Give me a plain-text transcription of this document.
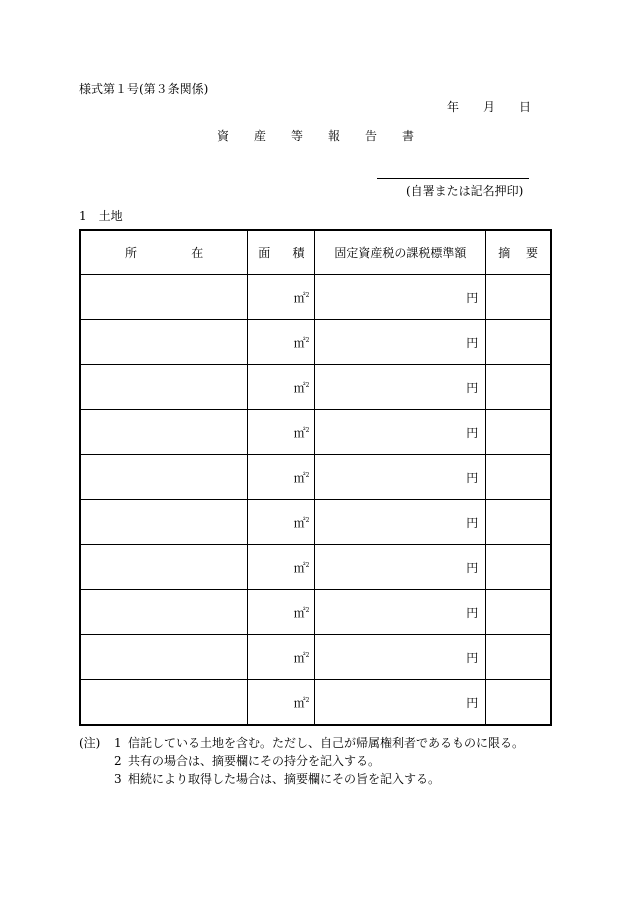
様式第１号(第３条関係)
年 月 日
資 産 等 報 告 書
(自署または記名押印)
1　土地
所 在	面 積	固定資産税の課税標準額	摘 要

	㎡$^2$	円	
	㎡$^2$	円	
	㎡$^2$	円	
	㎡$^2$	円	
	㎡$^2$	円	
	㎡$^2$	円	
	㎡$^2$	円	
	㎡$^2$	円	
	㎡$^2$	円	
	㎡$^2$	円	
(注) 1 信託している土地を含む。ただし、自己が帰属権利者であるものに限る。
2 共有の場合は、摘要欄にその持分を記入する。
3 相続により取得した場合は、摘要欄にその旨を記入する。
